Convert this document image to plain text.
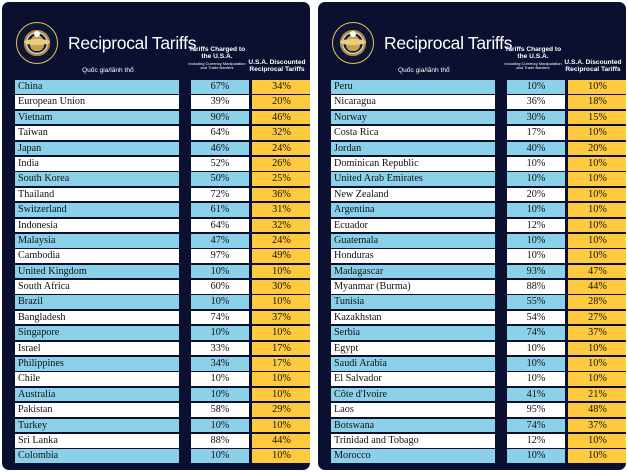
Reciprocal Tariffs
Quốc gia/lãnh thổ
Tariffs Charged to the U.S.A.
Including Currency Manipulation and Trade Barriers
U.S.A. Discounted Reciprocal Tariffs
China	67%	34%
European Union	39%	20%
Vietnam	90%	46%
Taiwan	64%	32%
Japan	46%	24%
India	52%	26%
South Korea	50%	25%
Thailand	72%	36%
Switzerland	61%	31%
Indonesia	64%	32%
Malaysia	47%	24%
Cambodia	97%	49%
United Kingdom	10%	10%
South Africa	60%	30%
Brazil	10%	10%
Bangladesh	74%	37%
Singapore	10%	10%
Israel	33%	17%
Philippines	34%	17%
Chile	10%	10%
Australia	10%	10%
Pakistan	58%	29%
Turkey	10%	10%
Sri Lanka	88%	44%
Colombia	10%	10%
Reciprocal Tariffs
Quốc gia/lãnh thổ
Tariffs Charged to the U.S.A.
Including Currency Manipulation and Trade Barriers
U.S.A. Discounted Reciprocal Tariffs
Peru	10%	10%
Nicaragua	36%	18%
Norway	30%	15%
Costa Rica	17%	10%
Jordan	40%	20%
Dominican Republic	10%	10%
United Arab Emirates	10%	10%
New Zealand	20%	10%
Argentina	10%	10%
Ecuador	12%	10%
Guatemala	10%	10%
Honduras	10%	10%
Madagascar	93%	47%
Myanmar (Burma)	88%	44%
Tunisia	55%	28%
Kazakhstan	54%	27%
Serbia	74%	37%
Egypt	10%	10%
Saudi Arabia	10%	10%
El Salvador	10%	10%
Côte d'Ivoire	41%	21%
Laos	95%	48%
Botswana	74%	37%
Trinidad and Tobago	12%	10%
Morocco	10%	10%
